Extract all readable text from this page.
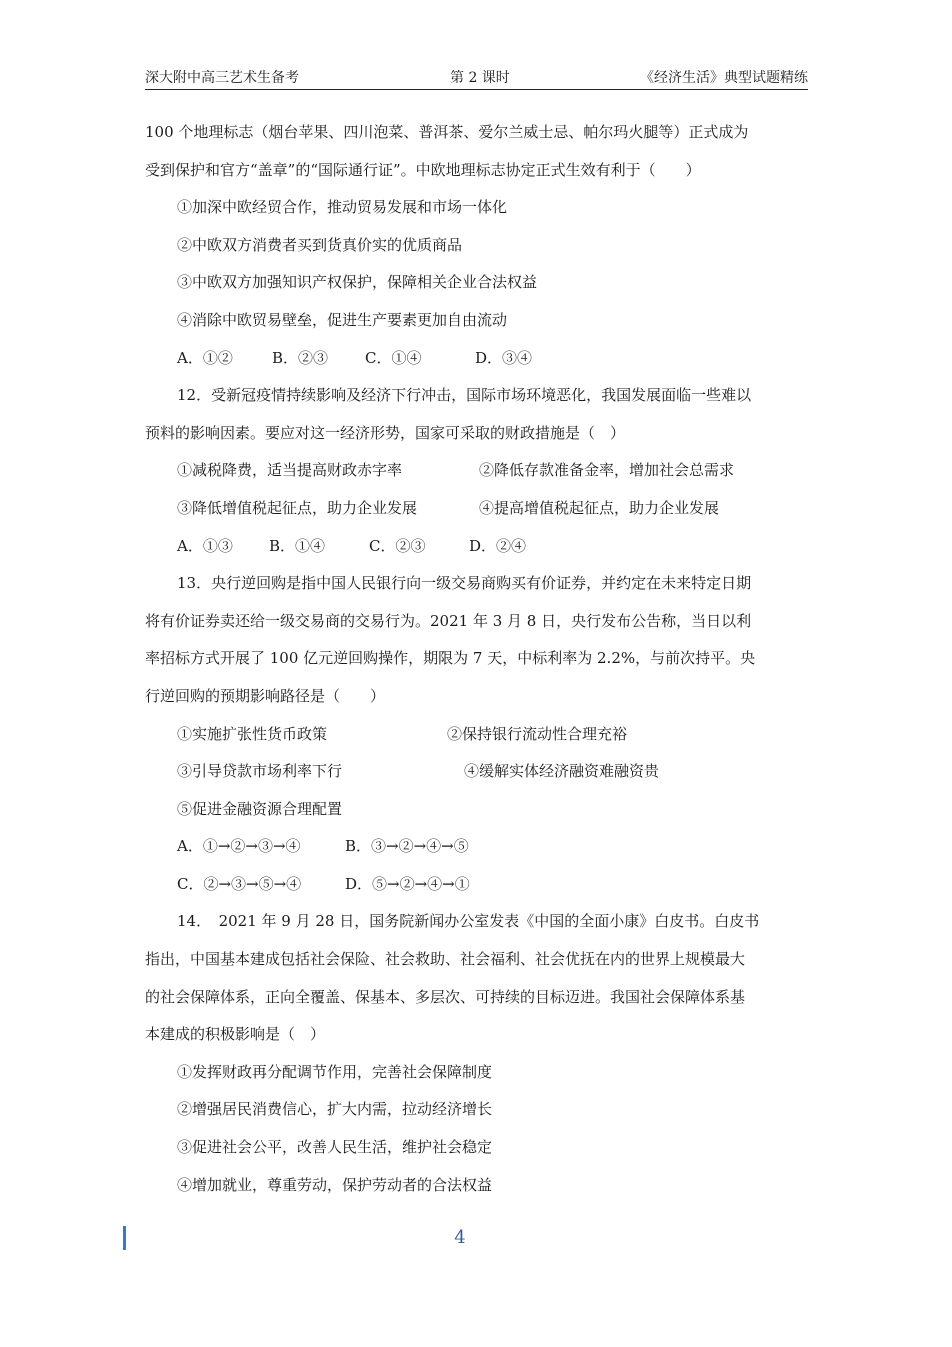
深大附中高三艺术生备考	第 2 课时	《经济生活》典型试题精练
100 个地理标志（烟台苹果、四川泡菜、普洱茶、爱尔兰威士忌、帕尔玛火腿等）正式成为
受到保护和官方“盖章”的“国际通行证”。中欧地理标志协定正式生效有利于（　　）
①加深中欧经贸合作，推动贸易发展和市场一体化
②中欧双方消费者买到货真价实的优质商品
③中欧双方加强知识产权保护，保障相关企业合法权益
④消除中欧贸易壁垒，促进生产要素更加自由流动
A．①②	B．②③ C．①④	D．③④
12．受新冠疫情持续影响及经济下行冲击，国际市场环境恶化，我国发展面临一些难以
预料的影响因素。要应对这一经济形势，国家可采取的财政措施是（　）
①减税降费，适当提高财政赤字率	②降低存款准备金率，增加社会总需求
③降低增值税起征点，助力企业发展	④提高增值税起征点，助力企业发展
A．①③ B．①④	C．②③	D．②④
13．央行逆回购是指中国人民银行向一级交易商购买有价证券，并约定在未来特定日期
将有价证券卖还给一级交易商的交易行为。2021 年 3 月 8 日，央行发布公告称，当日以利
率招标方式开展了 100 亿元逆回购操作，期限为 7 天，中标利率为 2.2%，与前次持平。央
行逆回购的预期影响路径是（　　）
①实施扩张性货币政策	②保持银行流动性合理充裕
③引导贷款市场利率下行	④缓解实体经济融资难融资贵
⑤促进金融资源合理配置
A．①→②→③→④	B．③→②→④→⑤
C．②→③→⑤→④	D．⑤→②→④→①
14．　2021 年 9 月 28 日，国务院新闻办公室发表《中国的全面小康》白皮书。白皮书
指出，中国基本建成包括社会保险、社会救助、社会福利、社会优抚在内的世界上规模最大
的社会保障体系，正向全覆盖、保基本、多层次、可持续的目标迈进。我国社会保障体系基
本建成的积极影响是（　）
①发挥财政再分配调节作用，完善社会保障制度
②增强居民消费信心，扩大内需，拉动经济增长
③促进社会公平，改善人民生活，维护社会稳定
④增加就业，尊重劳动，保护劳动者的合法权益
4
